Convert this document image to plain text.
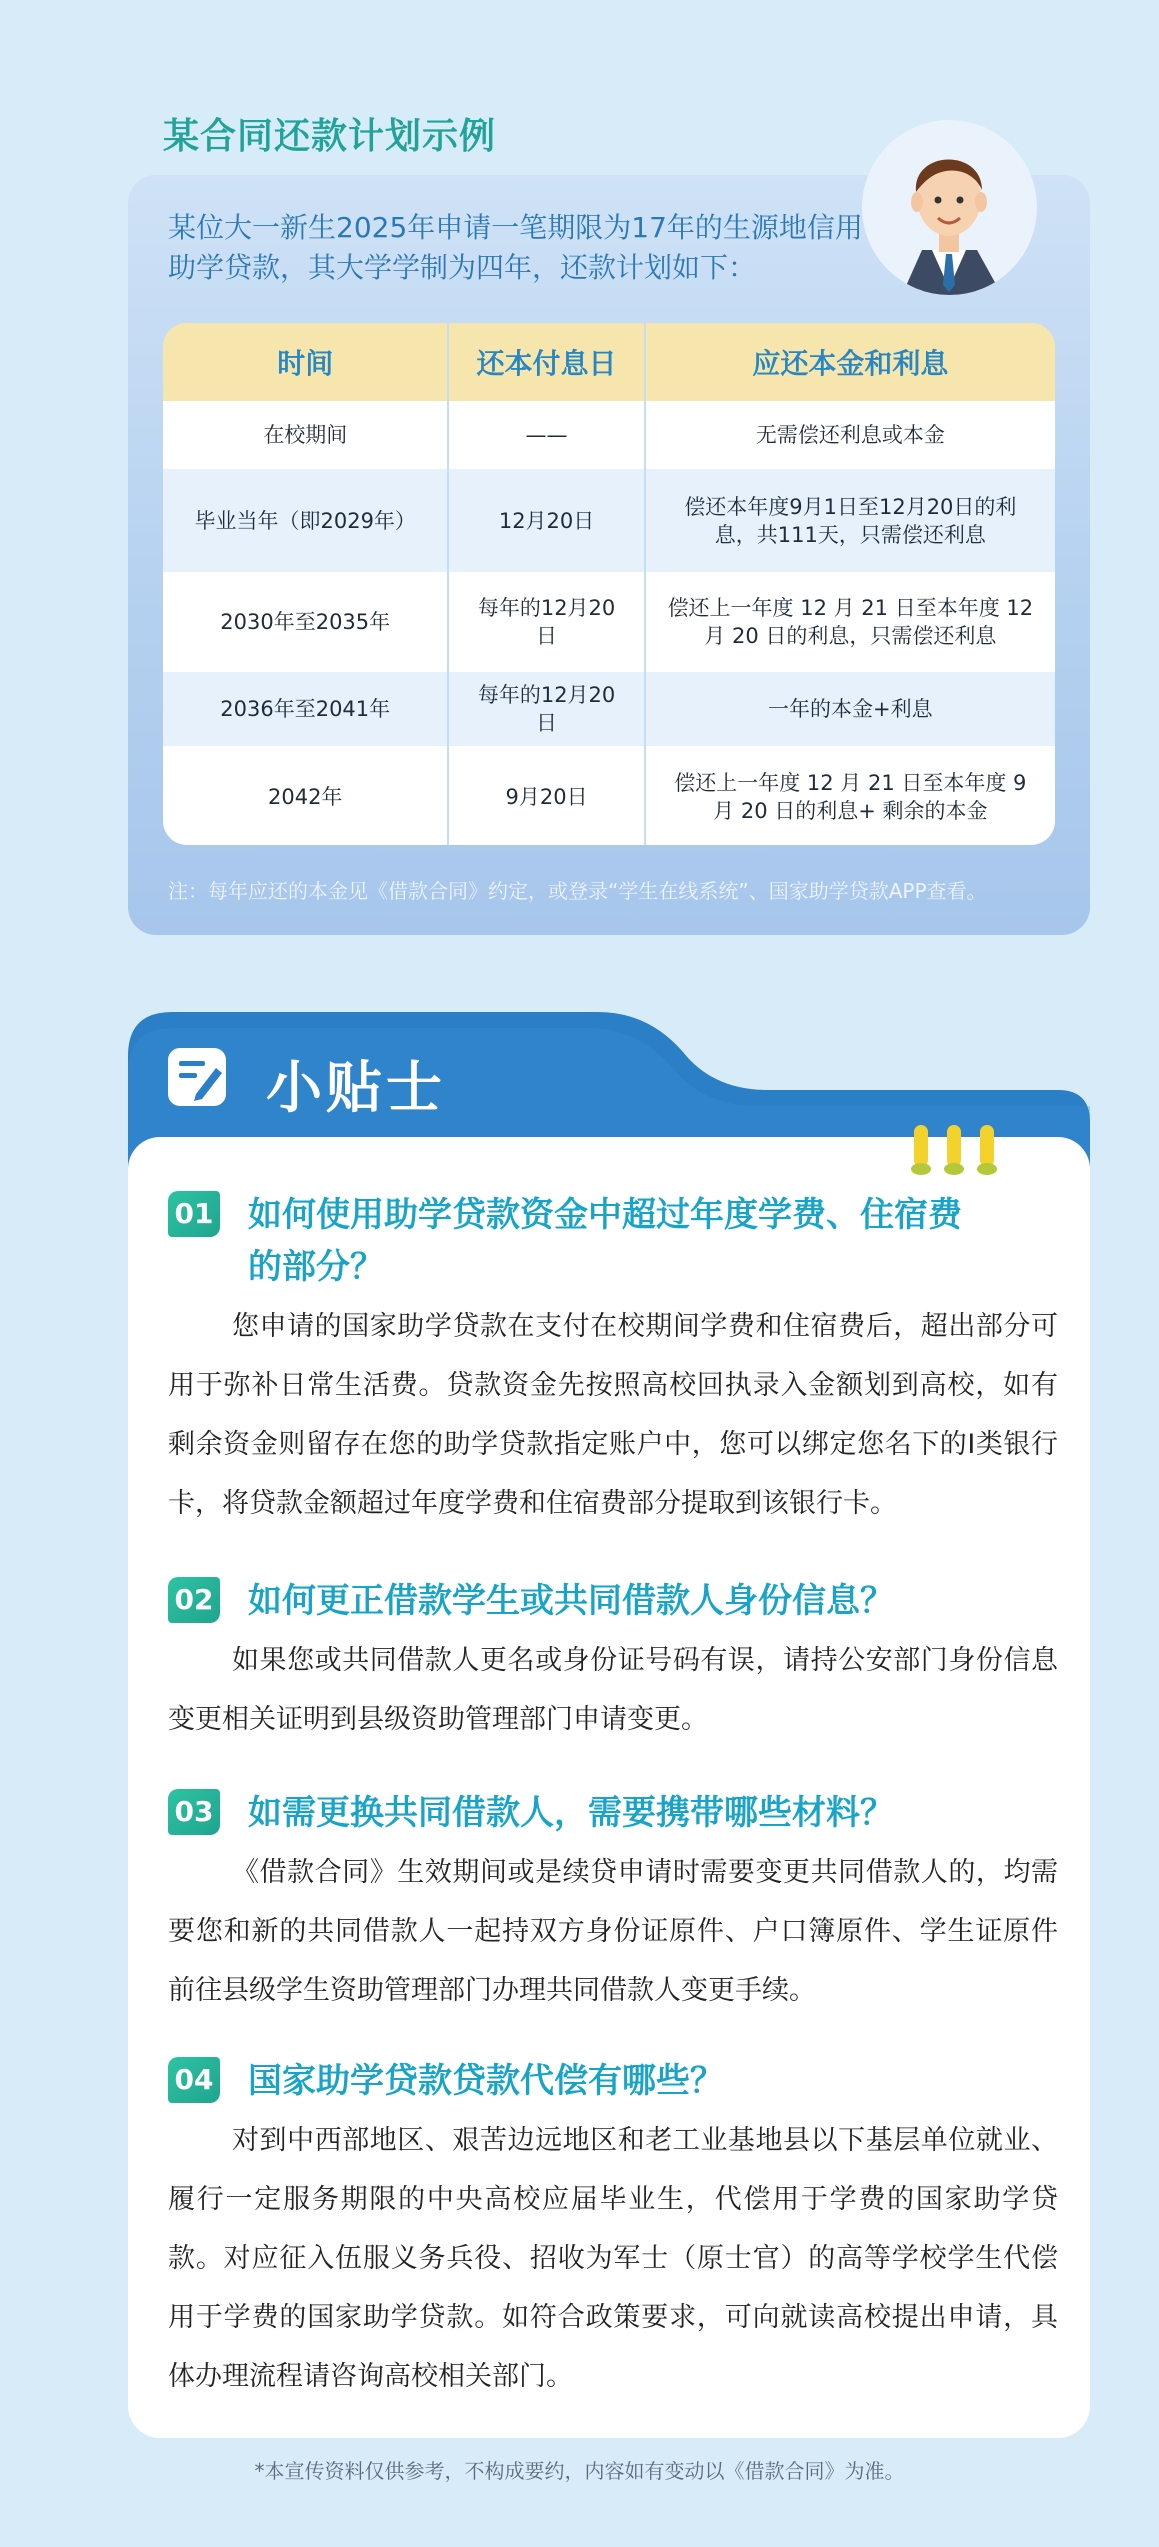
某合同还款计划示例
某位大一新生2025年申请一笔期限为17年的生源地信用助学贷款，其大学学制为四年，还款计划如下：
时间	还本付息日	应还本金和利息
在校期间	——	无需偿还利息或本金
毕业当年（即2029年）	12月20日	偿还本年度9月1日至12月20日的利息，共111天，只需偿还利息
2030年至2035年	每年的12月20日	偿还上一年度 12 月 21 日至本年度 12 月 20 日的利息，只需偿还利息
2036年至2041年	每年的12月20日	一年的本金+利息
2042年	9月20日	偿还上一年度 12 月 21 日至本年度 9 月 20 日的利息+ 剩余的本金
注：每年应还的本金见《借款合同》约定，或登录“学生在线系统”、国家助学贷款APP查看。
小贴士
01 如何使用助学贷款资金中超过年度学费、住宿费的部分？
您申请的国家助学贷款在支付在校期间学费和住宿费后，超出部分可用于弥补日常生活费。贷款资金先按照高校回执录入金额划到高校，如有剩余资金则留存在您的助学贷款指定账户中，您可以绑定您名下的Ⅰ类银行卡，将贷款金额超过年度学费和住宿费部分提取到该银行卡。
02 如何更正借款学生或共同借款人身份信息？
如果您或共同借款人更名或身份证号码有误，请持公安部门身份信息变更相关证明到县级资助管理部门申请变更。
03 如需更换共同借款人，需要携带哪些材料？
《借款合同》生效期间或是续贷申请时需要变更共同借款人的，均需要您和新的共同借款人一起持双方身份证原件、户口簿原件、学生证原件前往县级学生资助管理部门办理共同借款人变更手续。
04 国家助学贷款贷款代偿有哪些？
对到中西部地区、艰苦边远地区和老工业基地县以下基层单位就业、履行一定服务期限的中央高校应届毕业生，代偿用于学费的国家助学贷款。对应征入伍服义务兵役、招收为军士（原士官）的高等学校学生代偿用于学费的国家助学贷款。如符合政策要求，可向就读高校提出申请，具体办理流程请咨询高校相关部门。
*本宣传资料仅供参考，不构成要约，内容如有变动以《借款合同》为准。
